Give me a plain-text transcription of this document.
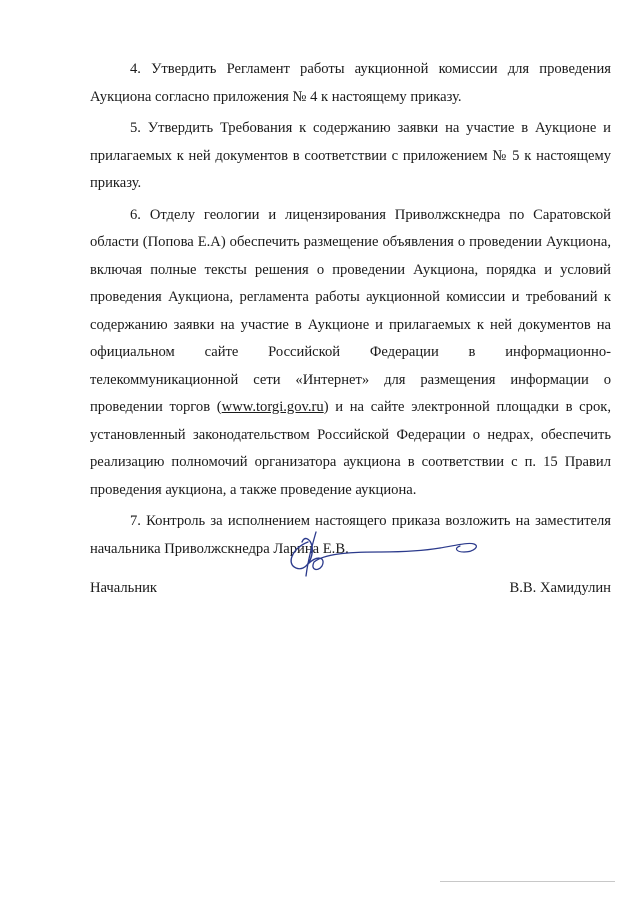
4. Утвердить Регламент работы аукционной комиссии для проведения Аукциона согласно приложения № 4 к настоящему приказу.

5. Утвердить Требования к содержанию заявки на участие в Аукционе и прилагаемых к ней документов в соответствии с приложением № 5 к настоящему приказу.

6. Отделу геологии и лицензирования Приволжскнедра по Саратовской области (Попова Е.А) обеспечить размещение объявления о проведении Аукциона, включая полные тексты решения о проведении Аукциона, порядка и условий проведения Аукциона, регламента работы аукционной комиссии и требований к содержанию заявки на участие в Аукционе и прилагаемых к ней документов на официальном сайте Российской Федерации в информационно-телекоммуникационной сети «Интернет» для размещения информации о проведении торгов (www.torgi.gov.ru) и на сайте электронной площадки в срок, установленный законодательством Российской Федерации о недрах, обеспечить реализацию полномочий организатора аукциона в соответствии с п. 15 Правил проведения аукциона, а также проведение аукциона.

7. Контроль за исполнением настоящего приказа возложить на заместителя начальника Приволжскнедра Ларина Е.В.

Начальник	В.В. Хамидулин
